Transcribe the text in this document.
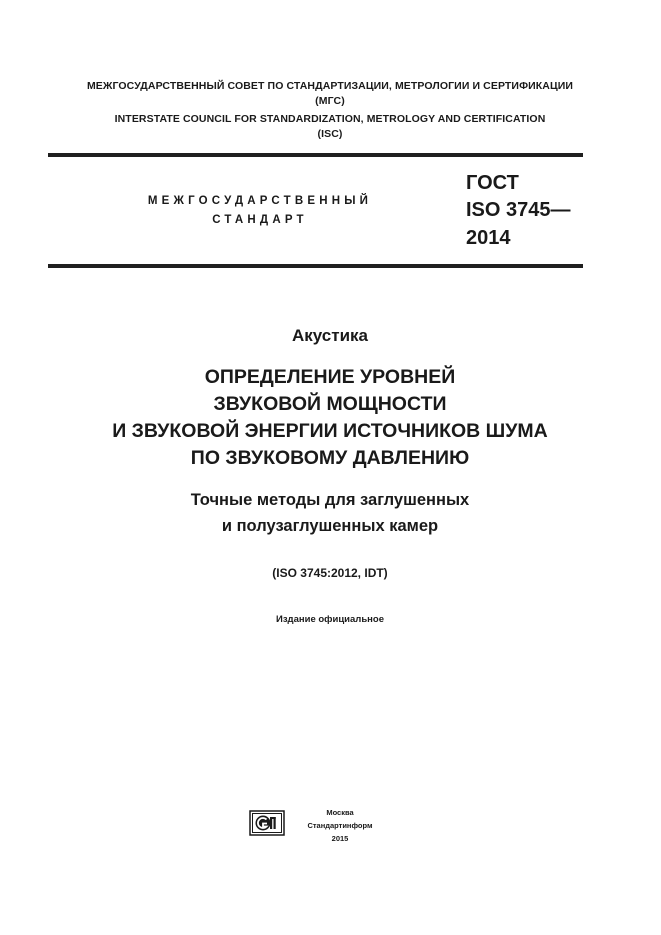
МЕЖГОСУДАРСТВЕННЫЙ СОВЕТ ПО СТАНДАРТИЗАЦИИ, МЕТРОЛОГИИ И СЕРТИФИКАЦИИ
(МГС)
INTERSTATE COUNCIL FOR STANDARDIZATION, METROLOGY AND CERTIFICATION
(ISC)
МЕЖГОСУДАРСТВЕННЫЙ
СТАНДАРТ
ГОСТ
ISO 3745—
2014
Акустика
ОПРЕДЕЛЕНИЕ УРОВНЕЙ
ЗВУКОВОЙ МОЩНОСТИ
И ЗВУКОВОЙ ЭНЕРГИИ ИСТОЧНИКОВ ШУМА
ПО ЗВУКОВОМУ ДАВЛЕНИЮ
Точные методы для заглушенных
и полузаглушенных камер
(ISO 3745:2012, IDT)
Издание официальное
Москва
Стандартинформ
2015
